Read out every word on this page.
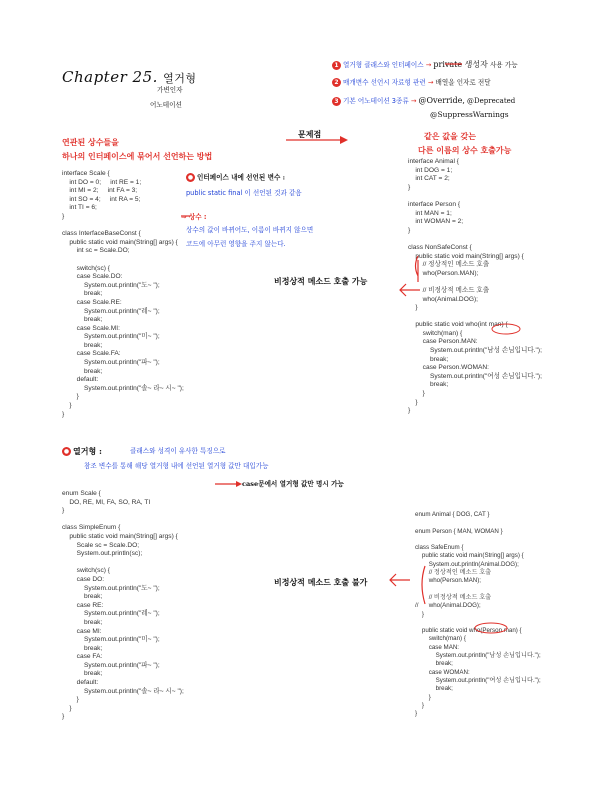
Chapter 25. 열거형
가변인자
어노테이션
1 열거형 클래스와 인터페이스 → private 생성자 사용 가능
2 매개변수 선언시 자료형 관련 → 배열을 인자로 전달
3 기본 어노테이션 3종류 → @Override, @Deprecated
@SuppressWarnings
연관된 상수들을
하나의 인터페이스에 묶어서 선언하는 방법
문제점	같은 값을 갖는
다른 이름의 상수 호출가능
● 인터페이스 내에 선언된 변수 :
public static final 이 선언된 것과 같음
⇒ 상수 :
상수의 값이 바뀌어도, 이름이 바뀌지 않으면
코드에 아무런 영향을 주지 않는다.
interface Scale {
int DO = 0;     int RE = 1;
int MI = 2;     int FA = 3;
int SO = 4;     int RA = 5;
int TI = 6;
}

class InterfaceBaseConst {
public static void main(String[] args) {
int sc = Scale.DO;

switch(sc) {
case Scale.DO:
System.out.println("도~ ");
break;
case Scale.RE:
System.out.println("레~ ");
break;
case Scale.MI:
System.out.println("미~ ");
break;
case Scale.FA:
System.out.println("파~ ");
break;
default:
System.out.println("솔~ 라~ 시~ ");
}
}
}
interface Animal {
int DOG = 1;
int CAT = 2;
}

interface Person {
int MAN = 1;
int WOMAN = 2;
}

class NonSafeConst {
public static void main(String[] args) {
// 정상적인 메소드 호출
who(Person.MAN);

// 비정상적 메소드 호출
who(Animal.DOG);
}

public static void who(int man) {
switch(man) {
case Person.MAN:
System.out.println("남성 손님입니다.");
break;
case Person.WOMAN:
System.out.println("여성 손님입니다.");
break;
}
}
}
enum Scale {
DO, RE, MI, FA, SO, RA, TI
}

class SimpleEnum {
public static void main(String[] args) {
Scale sc = Scale.DO;
System.out.println(sc);

switch(sc) {
case DO:
System.out.println("도~ ");
break;
case RE:
System.out.println("레~ ");
break;
case MI:
System.out.println("미~ ");
break;
case FA:
System.out.println("파~ ");
break;
default:
System.out.println("솔~ 라~ 시~ ");
}
}
}
enum Animal { DOG, CAT }

enum Person { MAN, WOMAN }

class SafeEnum {
public static void main(String[] args) {
System.out.println(Animal.DOG);
// 정상적인 메소드 호출
who(Person.MAN);

// 비정상적 메소드 호출
//      who(Animal.DOG);
}

public static void who(Person man) {
switch(man) {
case MAN:
System.out.println("남성 손님입니다.");
break;
case WOMAN:
System.out.println("여성 손님입니다.");
break;
}
}
}
비정상적 메소드 호출 가능
● 열거형 :	클래스와 성격이 유사한 특징으로
참조 변수를 통해 해당 열거형 내에 선언된 열거형 값만 대입가능
case문에서 열거형 값만 명시 가능
비정상적 메소드 호출 불가
